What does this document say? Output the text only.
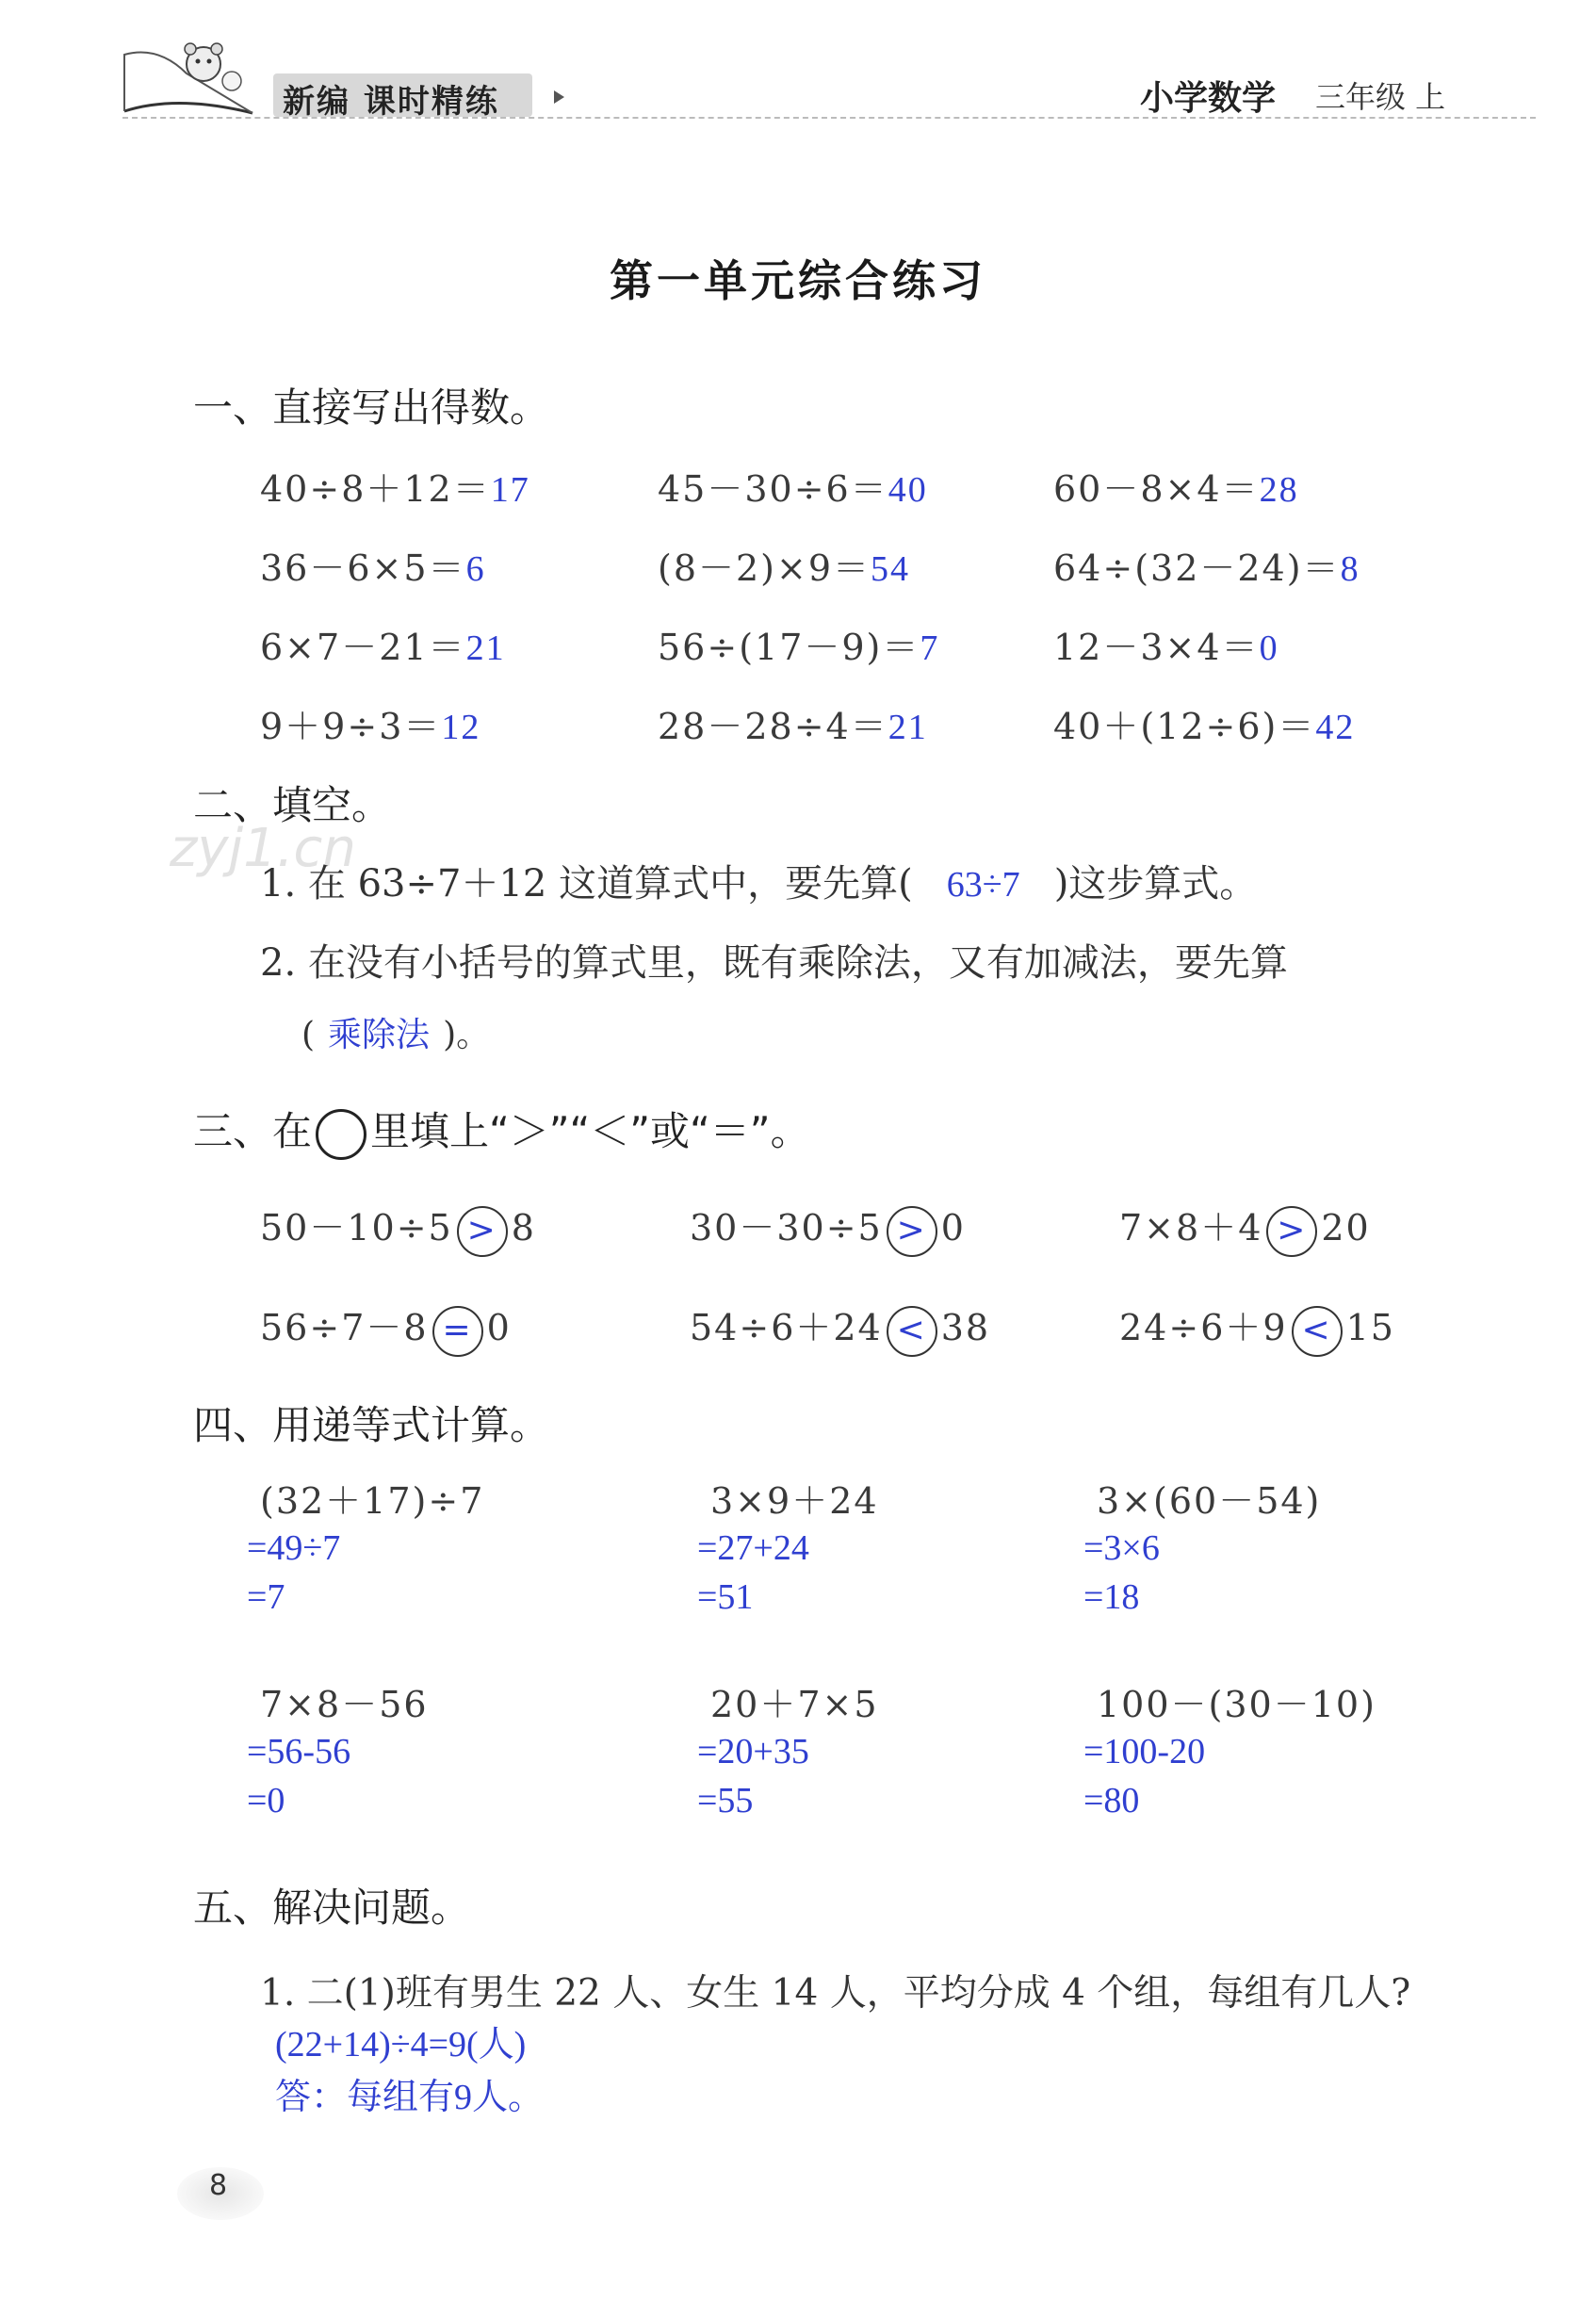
新编 课时精练	小学数学 三年级 上
第一单元综合练习
一、直接写出得数。
40÷8＋12＝17	45－30÷6＝40	60－8×4＝28
36－6×5＝6	(8－2)×9＝54	64÷(32－24)＝8
6×7－21＝21	56÷(17－9)＝7	12－3×4＝0
9＋9÷3＝12	28－28÷4＝21	40＋(12÷6)＝42
二、填空。
zyj1.cn
1. 在 63÷7＋12 这道算式中，要先算( 63÷7 )这步算式。
2. 在没有小括号的算式里，既有乘除法，又有加减法，要先算
( 乘除法 )。
三、在 里填上“＞”“＜”或“＝”。
50－10÷5 > 8	30－30÷5 > 0	7×8＋4 > 20
56÷7－8 = 0	54÷6＋24 < 38	24÷6＋9 < 15
四、用递等式计算。
(32＋17)÷7
=49÷7
=7
3×9＋24
=27+24
=51
3×(60－54)
=3×6
=18
7×8－56
=56-56
=0
20＋7×5
=20+35
=55
100－(30－10)
=100-20
=80
五、解决问题。
1. 二(1)班有男生 22 人、女生 14 人，平均分成 4 个组，每组有几人?
(22+14)÷4=9(人)
答：每组有9人。
8
